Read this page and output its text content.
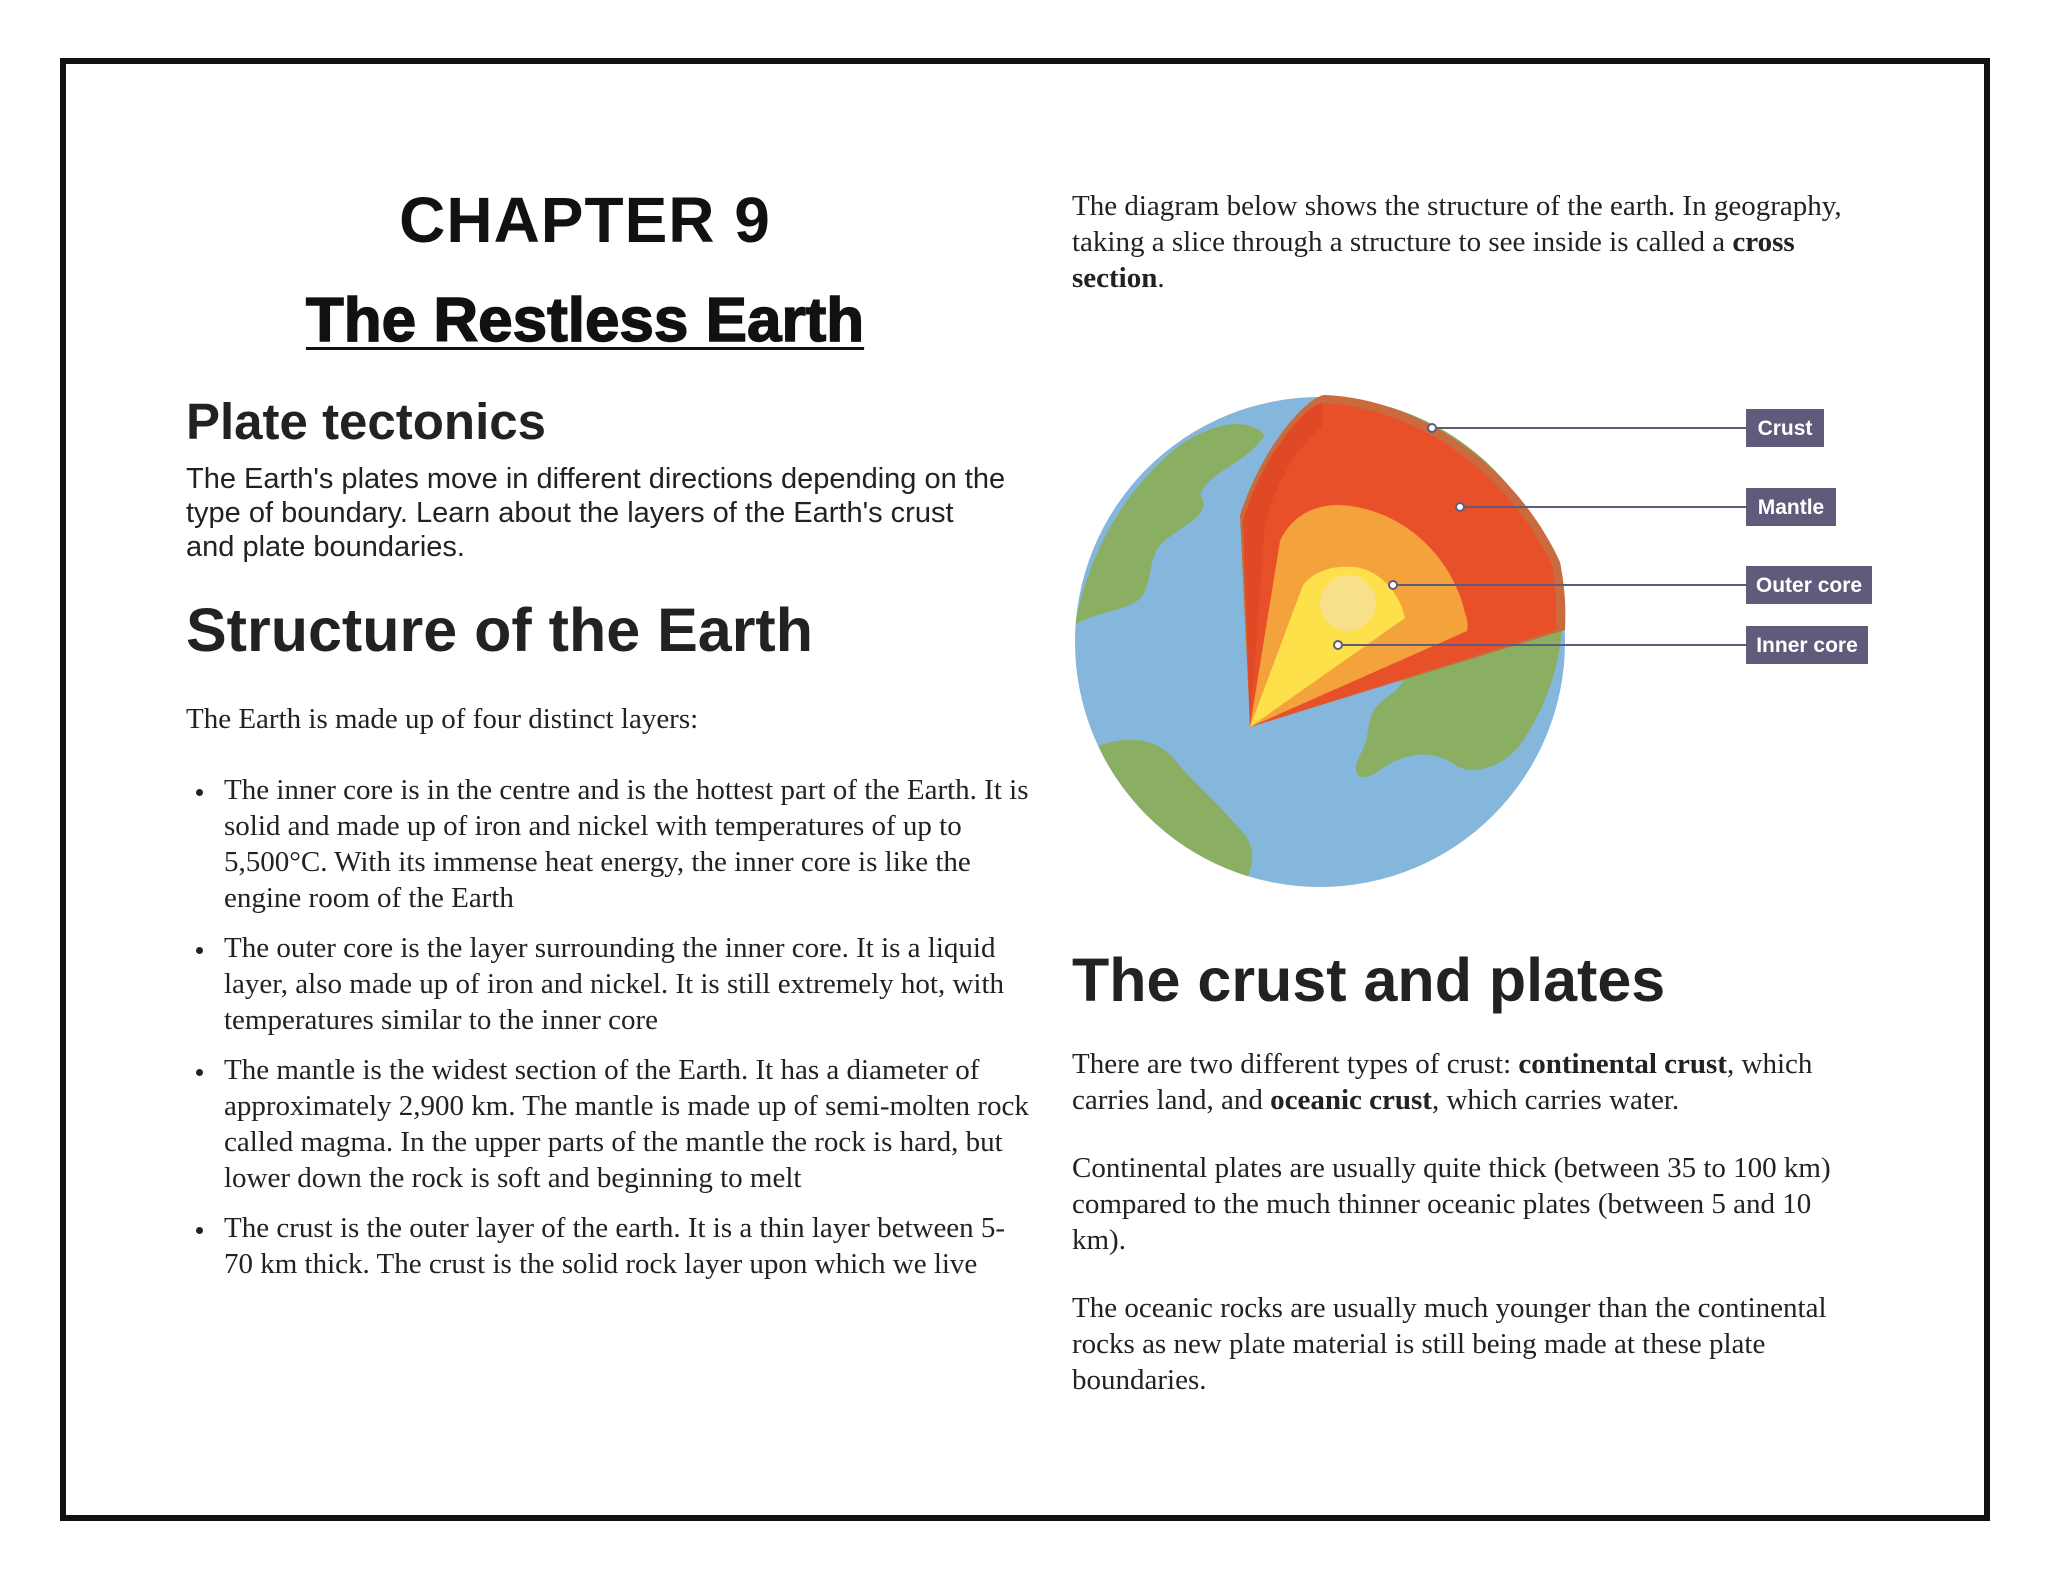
CHAPTER 9
The Restless Earth
Plate tectonics
The Earth's plates move in different directions depending on the type of boundary. Learn about the layers of the Earth's crust and plate boundaries.
Structure of the Earth
The Earth is made up of four distinct layers:
• The inner core is in the centre and is the hottest part of the Earth. It is solid and made up of iron and nickel with temperatures of up to 5,500°C. With its immense heat energy, the inner core is like the engine room of the Earth
• The outer core is the layer surrounding the inner core. It is a liquid layer, also made up of iron and nickel. It is still extremely hot, with temperatures similar to the inner core
• The mantle is the widest section of the Earth. It has a diameter of approximately 2,900 km. The mantle is made up of semi-molten rock called magma. In the upper parts of the mantle the rock is hard, but lower down the rock is soft and beginning to melt
• The crust is the outer layer of the earth. It is a thin layer between 5-70 km thick. The crust is the solid rock layer upon which we live
The diagram below shows the structure of the earth. In geography, taking a slice through a structure to see inside is called a cross section.
Crust
Mantle
Outer core
Inner core
The crust and plates
There are two different types of crust: continental crust, which carries land, and oceanic crust, which carries water.
Continental plates are usually quite thick (between 35 to 100 km) compared to the much thinner oceanic plates (between 5 and 10 km).
The oceanic rocks are usually much younger than the continental rocks as new plate material is still being made at these plate boundaries.
